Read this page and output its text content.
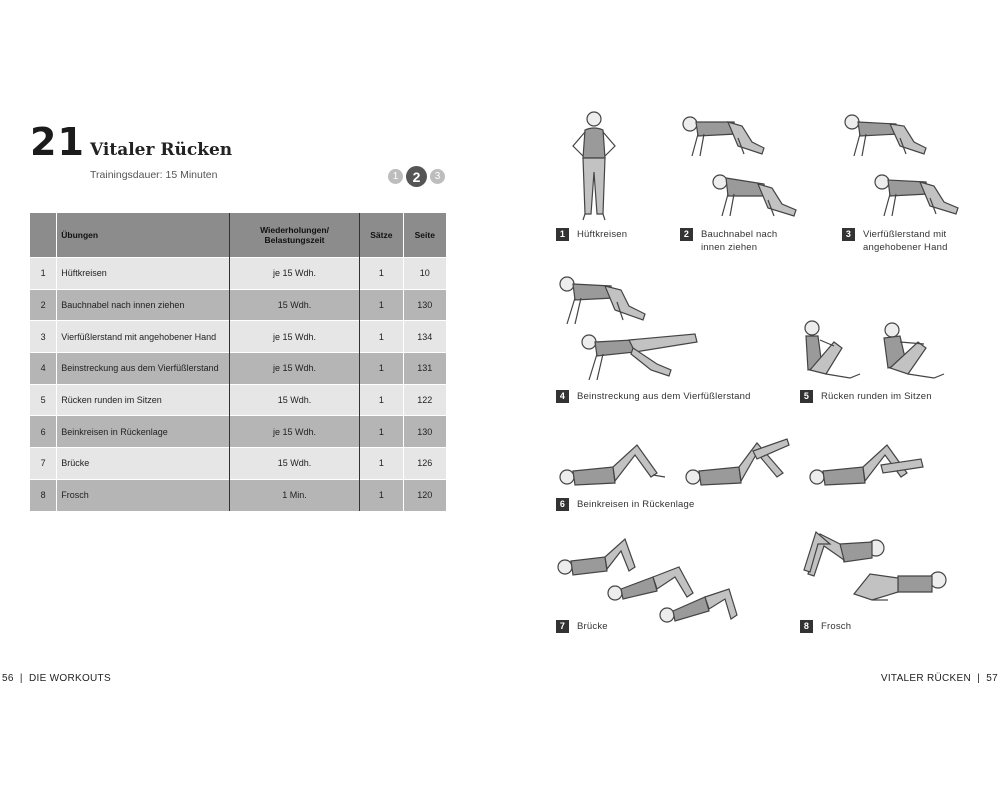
21 Vitaler Rücken
Trainingsdauer: 15 Minuten	1	2	3
	Übungen	Wiederholungen/ Belastungszeit	Sätze	Seite
1	Hüftkreisen	je 15 Wdh.	1	10
2	Bauchnabel nach innen ziehen	15 Wdh.	1	130
3	Vierfüßlerstand mit angehobener Hand	je 15 Wdh.	1	134
4	Beinstreckung aus dem Vierfüßlerstand	je 15 Wdh.	1	131
5	Rücken runden im Sitzen	15 Wdh.	1	122
6	Beinkreisen in Rückenlage	je 15 Wdh.	1	130
7	Brücke	15 Wdh.	1	126
8	Frosch	1 Min.	1	120
56 | DIE WORKOUTS	VITALER RÜCKEN | 57
1	Hüftkreisen	2	Bauchnabel nach innen ziehen
3	Vierfüßlerstand mit angehobener Hand
4	Beinstreckung aus dem Vierfüßlerstand	5	Rücken runden im Sitzen
6	Beinkreisen in Rückenlage
7	Brücke	8	Frosch
